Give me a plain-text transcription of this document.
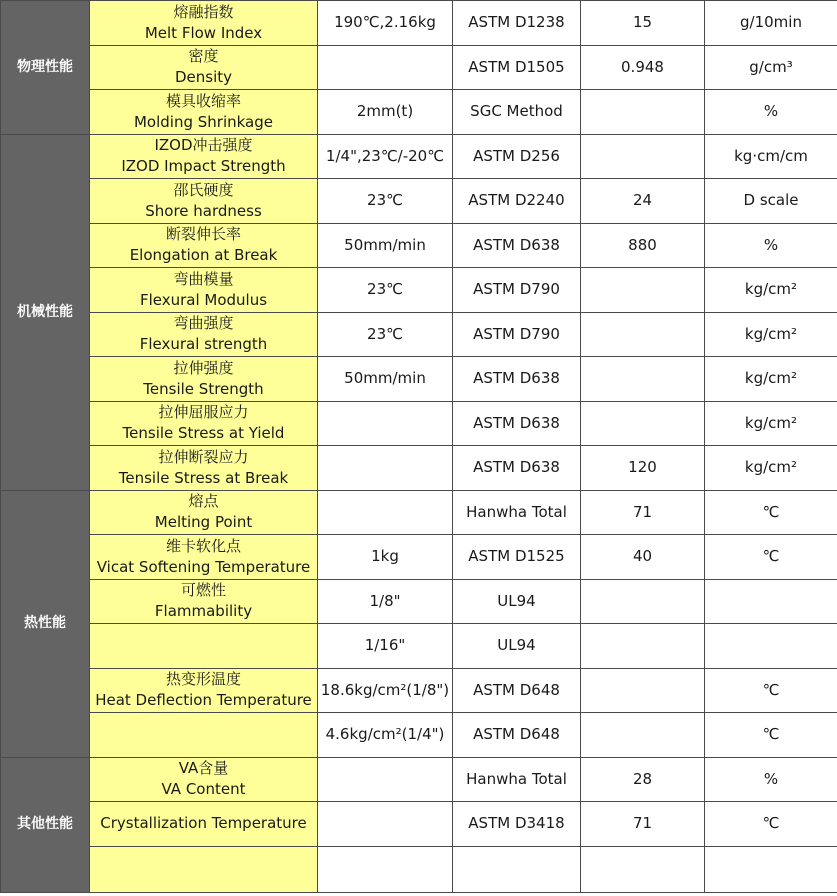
物理性能	熔融指数
Melt Flow Index	190℃,2.16kg	ASTM D1238	15	g/10min

	密度
Density		ASTM D1505	0.948	g/cm³

	模具收缩率
Molding Shrinkage	2mm(t)	SGC Method		%
机械性能	IZOD冲击强度
IZOD Impact Strength	1/4",23℃/-20℃	ASTM D256		kg·cm/cm

	邵氏硬度
Shore hardness	23℃	ASTM D2240	24	D scale

	断裂伸长率
Elongation at Break	50mm/min	ASTM D638	880	%

	弯曲模量
Flexural Modulus	23℃	ASTM D790		kg/cm²

	弯曲强度
Flexural strength	23℃	ASTM D790		kg/cm²

	拉伸强度
Tensile Strength	50mm/min	ASTM D638		kg/cm²

	拉伸屈服应力
Tensile Stress at Yield		ASTM D638		kg/cm²

	拉伸断裂应力
Tensile Stress at Break		ASTM D638	120	kg/cm²
热性能	熔点
Melting Point		Hanwha Total	71	℃

	维卡软化点
Vicat Softening Temperature	1kg	ASTM D1525	40	℃

	可燃性
Flammability	1/8"	UL94		
		1/16"	UL94		

	热变形温度
Heat Deflection Temperature	18.6kg/cm²(1/8")	ASTM D648		℃
		4.6kg/cm²(1/4")	ASTM D648		℃
其他性能	VA含量
VA Content		Hanwha Total	28	%

	Crystallization Temperature		ASTM D3418	71	℃
